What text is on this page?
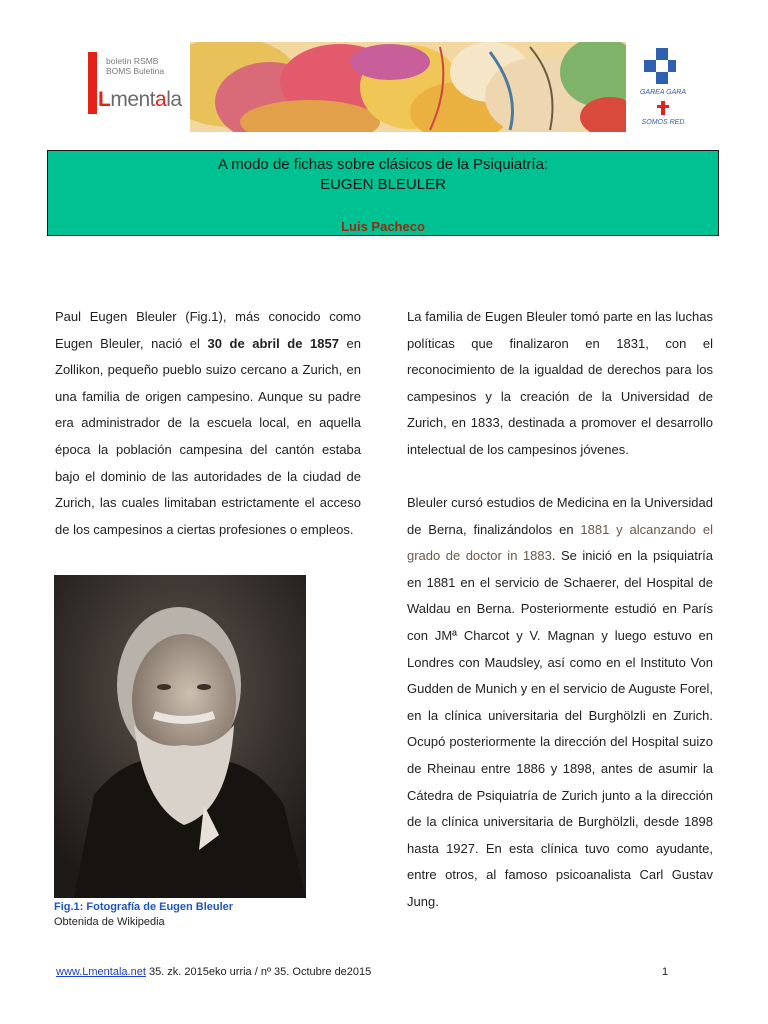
boletín RSMB
BOMS Buletina
Lmentala	GAREA GARA
SOMOS RED
A modo de fichas sobre clásicos de la Psiquiatría:
EUGEN BLEULER
Luis Pacheco

Paul Eugen Bleuler (Fig.1), más conocido como Eugen Bleuler, nació el 30 de abril de 1857 en Zollikon, pequeño pueblo suizo cercano a Zurich, en una familia de origen campesino. Aunque su padre era administrador de la escuela local, en aquella época la población campesina del cantón estaba bajo el dominio de las autoridades de la ciudad de Zurich, las cuales limitaban estrictamente el acceso de los campesinos a ciertas profesiones o empleos.

Fig.1: Fotografía de Eugen Bleuler
Obtenida de Wikipedia

La familia de Eugen Bleuler tomó parte en las luchas políticas que finalizaron en 1831, con el reconocimiento de la igualdad de derechos para los campesinos y la creación de la Universidad de Zurich, en 1833, destinada a promover el desarrollo intelectual de los campesinos jóvenes.

Bleuler cursó estudios de Medicina en la Universidad de Berna, finalizándolos en 1881 y alcanzando el grado de doctor in 1883. Se inició en la psiquiatría en 1881 en el servicio de Schaerer, del Hospital de Waldau en Berna. Posteriormente estudió en París con JMª Charcot y V. Magnan y luego estuvo en Londres con Maudsley, así como en el Instituto Von Gudden de Munich y en el servicio de Auguste Forel, en la clínica universitaria del Burghölzli en Zurich. Ocupó posteriormente la dirección del Hospital suizo de Rheinau entre 1886 y 1898, antes de asumir la Cátedra de Psiquiatría de Zurich junto a la dirección de la clínica universitaria de Burghölzli, desde 1898 hasta 1927. En esta clínica tuvo como ayudante, entre otros, al famoso psicoanalista Carl Gustav Jung.

www.Lmentala.net 35. zk. 2015eko urria / nº 35. Octubre de2015	1
